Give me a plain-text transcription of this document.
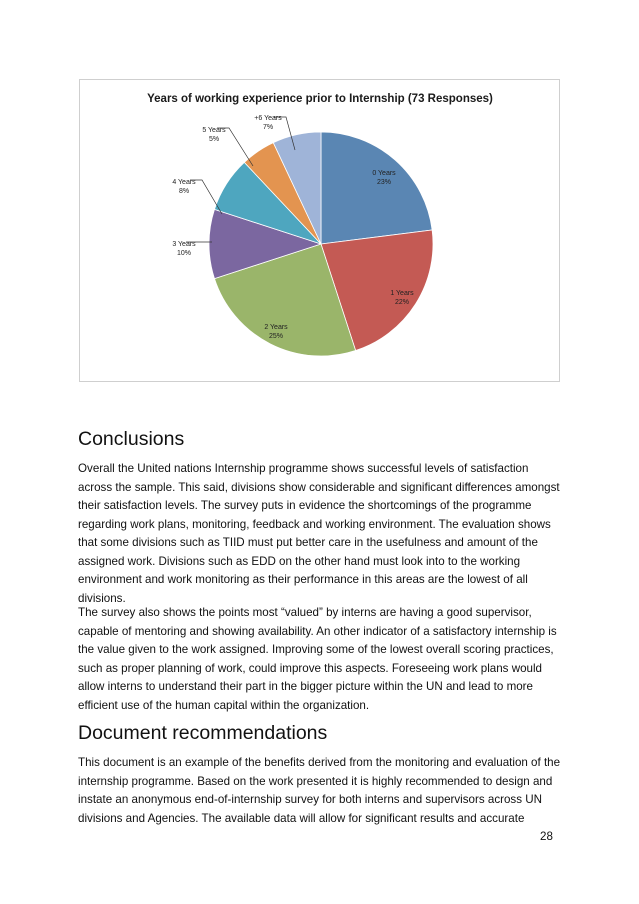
Years of working experience prior to Internship (73 Responses)
0 Years
23%
1 Years
22%
2 Years
25%
3 Years
10%
4 Years
8%
5 Years
5%
+6 Years
7%
Conclusions

Overall the United nations Internship programme shows successful levels of satisfaction across the sample. This said, divisions show considerable and significant differences amongst their satisfaction levels. The survey puts in evidence the shortcomings of the programme regarding work plans, monitoring, feedback and working environment. The evaluation shows that some divisions such as TIID must put better care in the usefulness and amount of the assigned work. Divisions such as EDD on the other hand must look into to the working environment and work monitoring as their performance in this areas are the lowest of all divisions.

The survey also shows the points most “valued” by interns are having a good supervisor, capable of mentoring and showing availability. An other indicator of a satisfactory internship is the value given to the work assigned. Improving some of the lowest overall scoring practices, such as proper planning of work, could improve this aspects. Foreseeing work plans would allow interns to understand their part in the bigger picture within the UN and lead to more efficient use of the human capital within the organization.

Document recommendations

This document is an example of the benefits derived from the monitoring and evaluation of the internship programme. Based on the work presented it is highly recommended to design and instate an anonymous end-of-internship survey for both interns and supervisors across UN divisions and Agencies. The available data will allow for significant results and accurate

28
